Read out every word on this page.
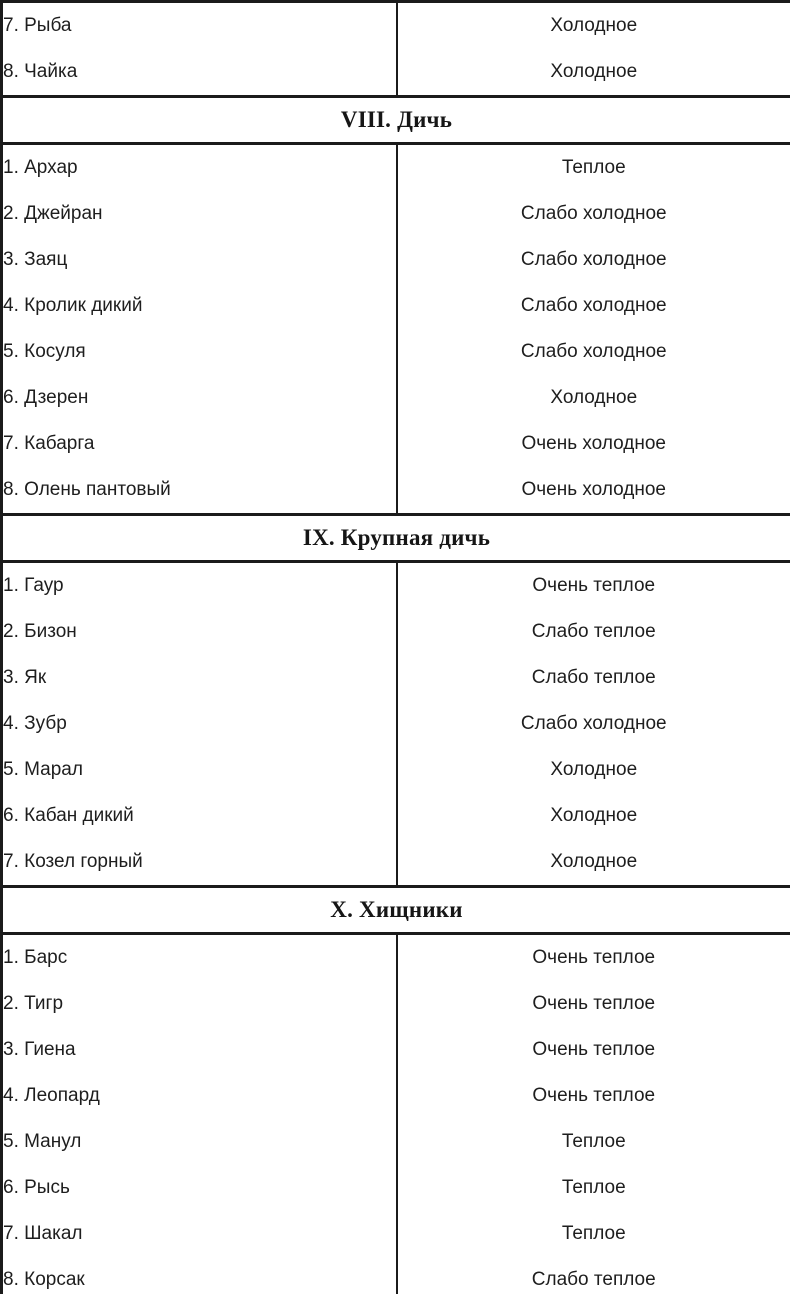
7. Рыба	Холодное
8. Чайка	Холодное
VIII. Дичь	
1. Архар	Теплое
2. Джейран	Слабо холодное
3. Заяц	Слабо холодное
4. Кролик дикий	Слабо холодное
5. Косуля	Слабо холодное
6. Дзерен	Холодное
7. Кабарга	Очень холодное
8. Олень пантовый	Очень холодное
IX. Крупная дичь	
1. Гаур	Очень теплое
2. Бизон	Слабо теплое
3. Як	Слабо теплое
4. Зубр	Слабо холодное
5. Марал	Холодное
6. Кабан дикий	Холодное
7. Козел горный	Холодное
X. Хищники	
1. Барс	Очень теплое
2. Тигр	Очень теплое
3. Гиена	Очень теплое
4. Леопард	Очень теплое
5. Манул	Теплое
6. Рысь	Теплое
7. Шакал	Теплое
8. Корсак	Слабо теплое
